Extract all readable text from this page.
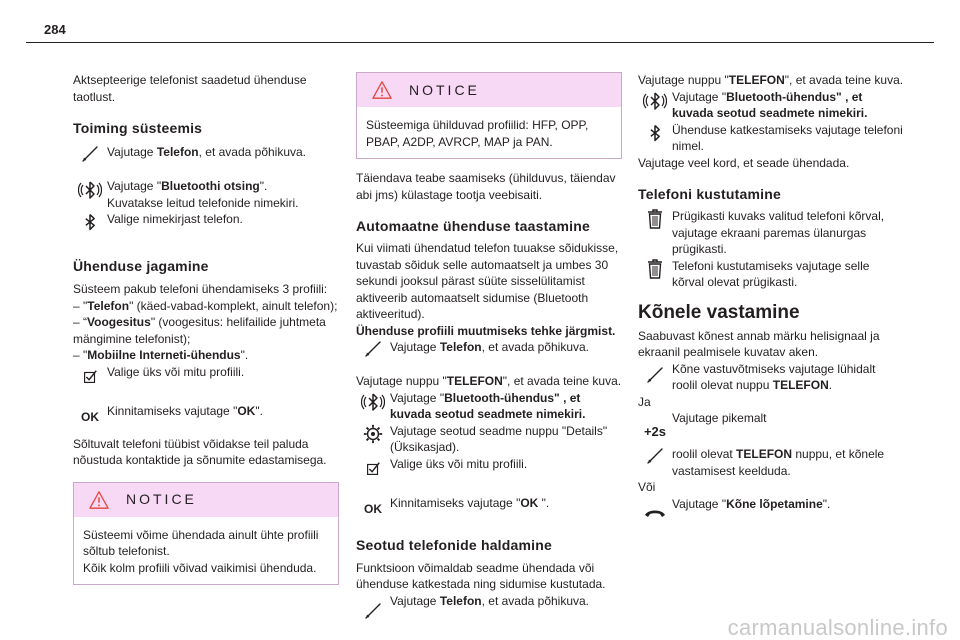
284

Aktsepteerige telefonist saadetud ühenduse taotlust.

Toiming süsteemis
Vajutage Telefon, et avada põhikuva.
Vajutage "Bluetoothi otsing".
Kuvatakse leitud telefonide nimekiri.
Valige nimekirjast telefon.
Ühenduse jagamine

Süsteem pakub telefoni ühendamiseks 3 profiili:

– "Telefon" (käed-vabad-komplekt, ainult telefon);

– “Voogesitus" (voogesitus: helifailide juhtmeta mängimine telefonist);

– "Mobiilne Interneti-ühendus".

Valige üks või mitu profiili.
OK Kinnitamiseks vajutage "OK".

Sõltuvalt telefoni tüübist võidakse teil paluda nõustuda kontaktide ja sõnumite edastamisega.

NOTICE
Süsteemi võime ühendada ainult ühte profiili sõltub telefonist.
Kõik kolm profiili võivad vaikimisi ühenduda.
NOTICE
Süsteemiga ühilduvad profiilid: HFP, OPP, PBAP, A2DP, AVRCP, MAP ja PAN.

Täiendava teabe saamiseks (ühilduvus, täiendav abi jms) külastage tootja veebisaiti.

Automaatne ühenduse taastamine

Kui viimati ühendatud telefon tuuakse sõidukisse, tuvastab sõiduk selle automaatselt ja umbes 30 sekundi jooksul pärast süüte sisselülitamist aktiveerib automaatselt sidumise (Bluetooth aktiveeritud).

Ühenduse profiili muutmiseks tehke järgmist.

Vajutage Telefon, et avada põhikuva.

Vajutage nuppu "TELEFON", et avada teine kuva.

Vajutage "Bluetooth-ühendus" , et kuvada seotud seadmete nimekiri.
Vajutage seotud seadme nuppu "Details" (Üksikasjad).
Valige üks või mitu profiili.
OK Kinnitamiseks vajutage "OK ".
Seotud telefonide haldamine

Funktsioon võimaldab seadme ühendada või ühenduse katkestada ning sidumise kustutada.

Vajutage Telefon, et avada põhikuva.

Vajutage nuppu "TELEFON", et avada teine kuva.

Vajutage "Bluetooth-ühendus" , et kuvada seotud seadmete nimekiri.
Ühenduse katkestamiseks vajutage telefoni nimel.

Vajutage veel kord, et seade ühendada.

Telefoni kustutamine
Prügikasti kuvaks valitud telefoni kõrval, vajutage ekraani paremas ülanurgas prügikasti.
Telefoni kustutamiseks vajutage selle kõrval olevat prügikasti.
Kõnele vastamine

Saabuvast kõnest annab märku helisignaal ja ekraanil pealmisele kuvatav aken.

Kõne vastuvõtmiseks vajutage lühidalt roolil olevat nuppu TELEFON.

Ja

+2s
Vajutage pikemalt
roolil olevat TELEFON nuppu, et kõnele vastamisest keelduda.

Või

Vajutage "Kõne lõpetamine".
carmanualsonline.info
